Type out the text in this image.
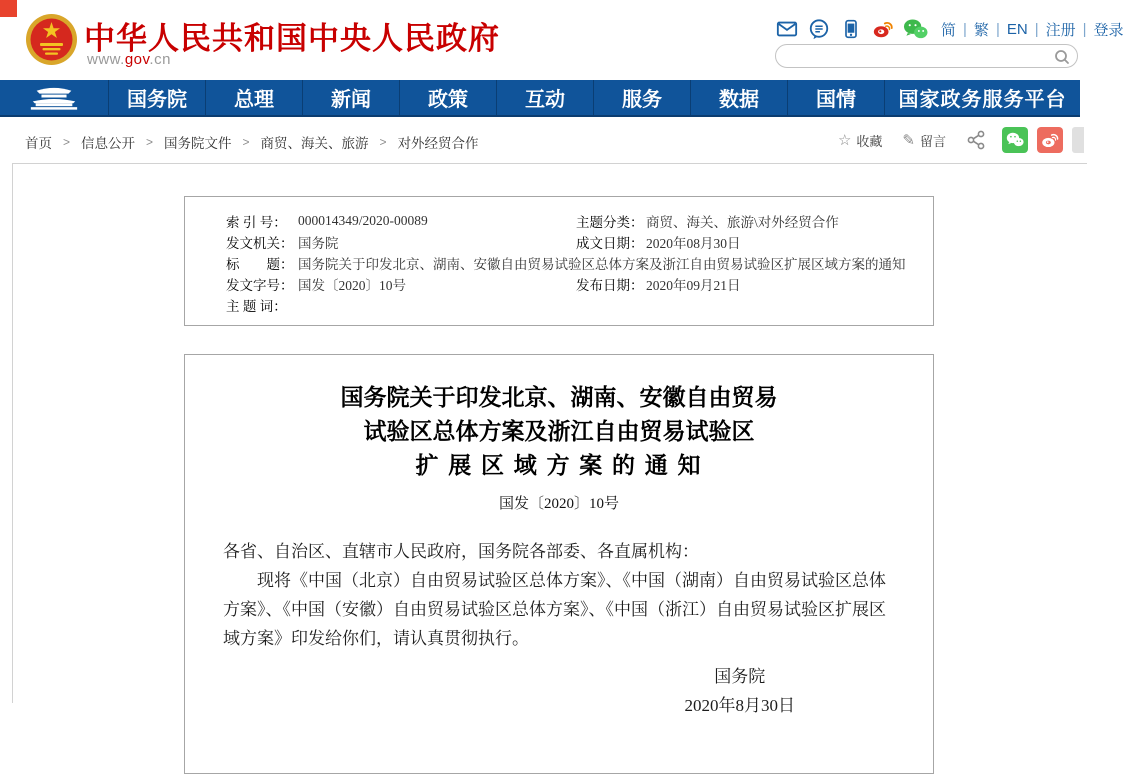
中华人民共和国中央人民政府
www.gov.cn
简 | 繁 | EN | 注册 | 登录
国务院	总理	新闻	政策	互动	服务	数据	国情	国家政务服务平台
首页 > 信息公开 > 国务院文件 > 商贸、海关、旅游 > 对外经贸合作	☆ 收藏 ✎ 留言
索 引 号： 000014349/2020-00089	主题分类： 商贸、海关、旅游\对外经贸合作
发文机关： 国务院	成文日期： 2020年08月30日
标　　题： 国务院关于印发北京、湖南、安徽自由贸易试验区总体方案及浙江自由贸易试验区扩展区域方案的通知
发文字号： 国发〔2020〕10号	发布日期： 2020年09月21日
主 题 词：
国务院关于印发北京、湖南、安徽自由贸易
试验区总体方案及浙江自由贸易试验区
扩 展 区 域 方 案 的 通 知
国发〔2020〕10号

各省、自治区、直辖市人民政府，国务院各部委、各直属机构：

现将《中国（北京）自由贸易试验区总体方案》、《中国（湖南）自由贸易试验区总体方案》、《中国（安徽）自由贸易试验区总体方案》、《中国（浙江）自由贸易试验区扩展区域方案》印发给你们，请认真贯彻执行。

国务院
2020年8月30日
